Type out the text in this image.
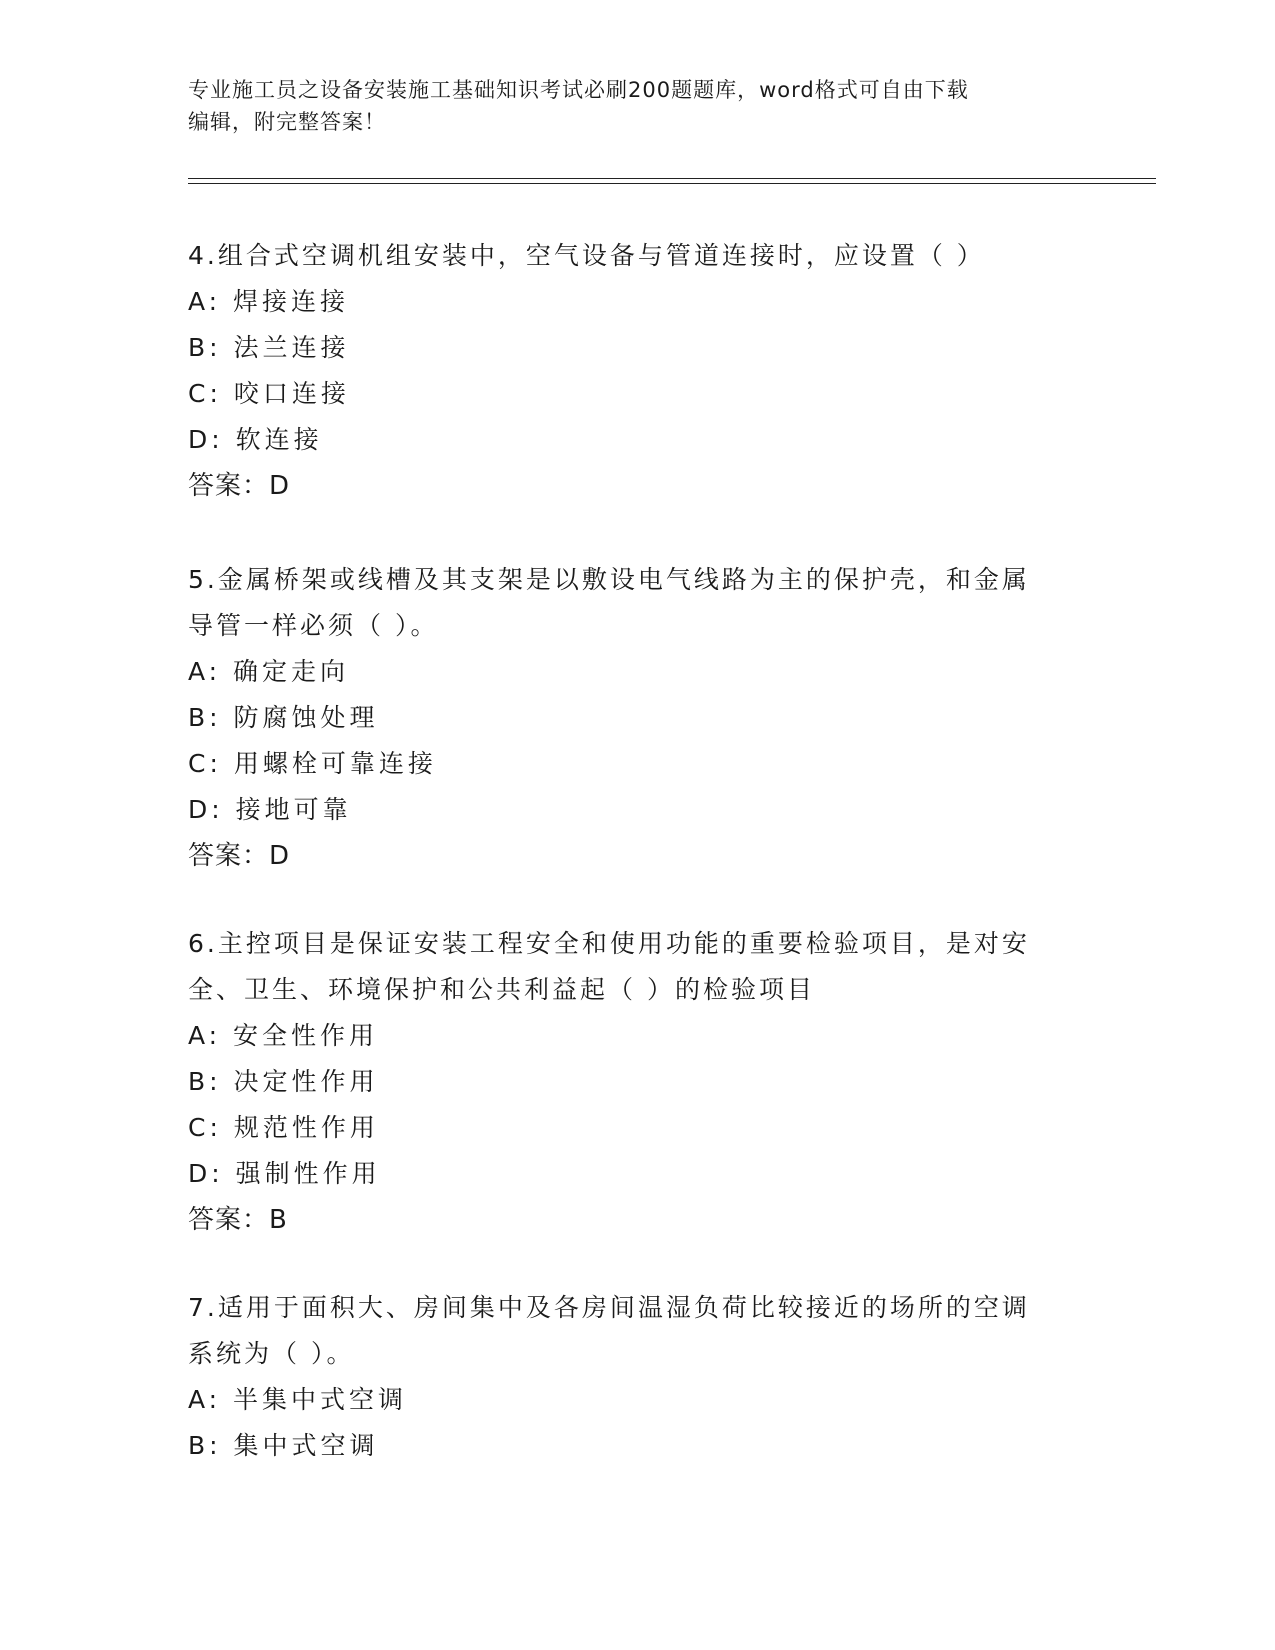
专业施工员之设备安装施工基础知识考试必刷200题题库，word格式可自由下载
编辑，附完整答案！
4.组合式空调机组安装中，空气设备与管道连接时，应设置（ ）
A: 焊接连接
B: 法兰连接
C: 咬口连接
D: 软连接
答案：D
5.金属桥架或线槽及其支架是以敷设电气线路为主的保护壳，和金属
导管一样必须（ ）。
A: 确定走向
B: 防腐蚀处理
C: 用螺栓可靠连接
D: 接地可靠
答案：D
6.主控项目是保证安装工程安全和使用功能的重要检验项目，是对安
全、卫生、环境保护和公共利益起（ ）的检验项目
A: 安全性作用
B: 决定性作用
C: 规范性作用
D: 强制性作用
答案：B
7.适用于面积大、房间集中及各房间温湿负荷比较接近的场所的空调
系统为（ ）。
A: 半集中式空调
B: 集中式空调
